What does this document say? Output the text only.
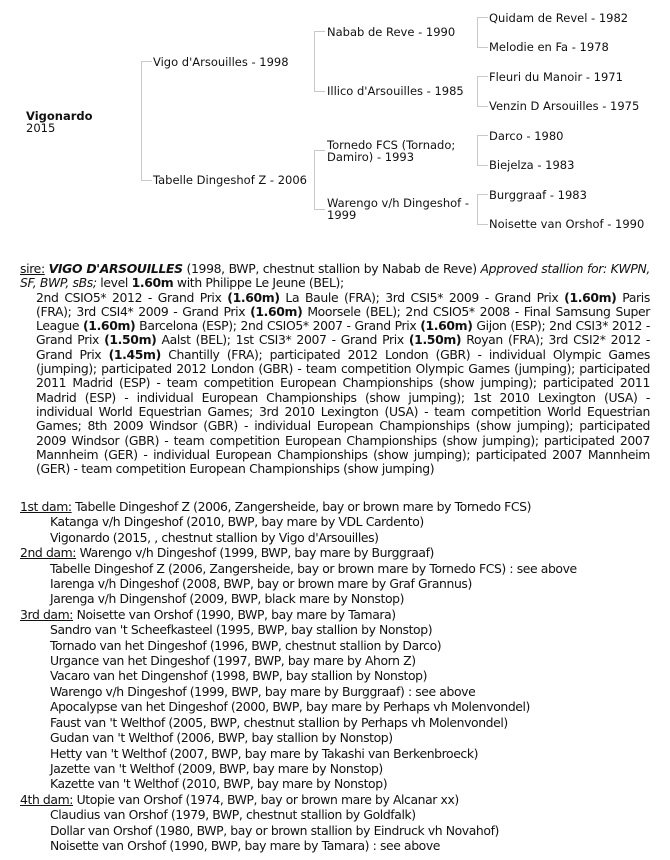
Vigonardo
2015
Vigo d'Arsouilles - 1998
Tabelle Dingeshof Z - 2006
Nabab de Reve - 1990
Illico d'Arsouilles - 1985
Tornedo FCS (Tornado; Damiro) - 1993
Warengo v/h Dingeshof - 1999
Quidam de Revel - 1982
Melodie en Fa - 1978
Fleuri du Manoir - 1971
Venzin D Arsouilles - 1975
Darco - 1980
Biejelza - 1983
Burggraaf - 1983
Noisette van Orshof - 1990

sire: VIGO D'ARSOUILLES (1998, BWP, chestnut stallion by Nabab de Reve) Approved stallion for: KWPN, SF, BWP, sBs; level 1.60m with Philippe Le Jeune (BEL);

2nd CSIO5* 2012 - Grand Prix (1.60m) La Baule (FRA); 3rd CSI5* 2009 - Grand Prix (1.60m) Paris (FRA); 3rd CSI4* 2009 - Grand Prix (1.60m) Moorsele (BEL); 2nd CSIO5* 2008 - Final Samsung Super League (1.60m) Barcelona (ESP); 2nd CSIO5* 2007 - Grand Prix (1.60m) Gijon (ESP); 2nd CSI3* 2012 - Grand Prix (1.50m) Aalst (BEL); 1st CSI3* 2007 - Grand Prix (1.50m) Royan (FRA); 3rd CSI2* 2012 - Grand Prix (1.45m) Chantilly (FRA); participated 2012 London (GBR) - individual Olympic Games (jumping); participated 2012 London (GBR) - team competition Olympic Games (jumping); participated 2011 Madrid (ESP) - team competition European Championships (show jumping); participated 2011 Madrid (ESP) - individual European Championships (show jumping); 1st 2010 Lexington (USA) - individual World Equestrian Games; 3rd 2010 Lexington (USA) - team competition World Equestrian Games; 8th 2009 Windsor (GBR) - individual European Championships (show jumping); participated 2009 Windsor (GBR) - team competition European Championships (show jumping); participated 2007 Mannheim (GER) - individual European Championships (show jumping); participated 2007 Mannheim (GER) - team competition European Championships (show jumping)

1st dam: Tabelle Dingeshof Z (2006, Zangersheide, bay or brown mare by Tornedo FCS)
Katanga v/h Dingeshof (2010, BWP, bay mare by VDL Cardento)
Vigonardo (2015, , chestnut stallion by Vigo d'Arsouilles)
2nd dam: Warengo v/h Dingeshof (1999, BWP, bay mare by Burggraaf)
Tabelle Dingeshof Z (2006, Zangersheide, bay or brown mare by Tornedo FCS) : see above
Iarenga v/h Dingeshof (2008, BWP, bay or brown mare by Graf Grannus)
Jarenga v/h Dingenshof (2009, BWP, black mare by Nonstop)
3rd dam: Noisette van Orshof (1990, BWP, bay mare by Tamara)
Sandro van 't Scheefkasteel (1995, BWP, bay stallion by Nonstop)
Tornado van het Dingeshof (1996, BWP, chestnut stallion by Darco)
Urgance van het Dingeshof (1997, BWP, bay mare by Ahorn Z)
Vacaro van het Dingenshof (1998, BWP, bay stallion by Nonstop)
Warengo v/h Dingeshof (1999, BWP, bay mare by Burggraaf) : see above
Apocalypse van het Dingeshof (2000, BWP, bay mare by Perhaps vh Molenvondel)
Faust van 't Welthof (2005, BWP, chestnut stallion by Perhaps vh Molenvondel)
Gudan van 't Welthof (2006, BWP, bay stallion by Nonstop)
Hetty van 't Welthof (2007, BWP, bay mare by Takashi van Berkenbroeck)
Jazette van 't Welthof (2009, BWP, bay mare by Nonstop)
Kazette van 't Welthof (2010, BWP, bay mare by Nonstop)
4th dam: Utopie van Orshof (1974, BWP, bay or brown mare by Alcanar xx)
Claudius van Orshof (1979, BWP, chestnut stallion by Goldfalk)
Dollar van Orshof (1980, BWP, bay or brown stallion by Eindruck vh Novahof)
Noisette van Orshof (1990, BWP, bay mare by Tamara) : see above
